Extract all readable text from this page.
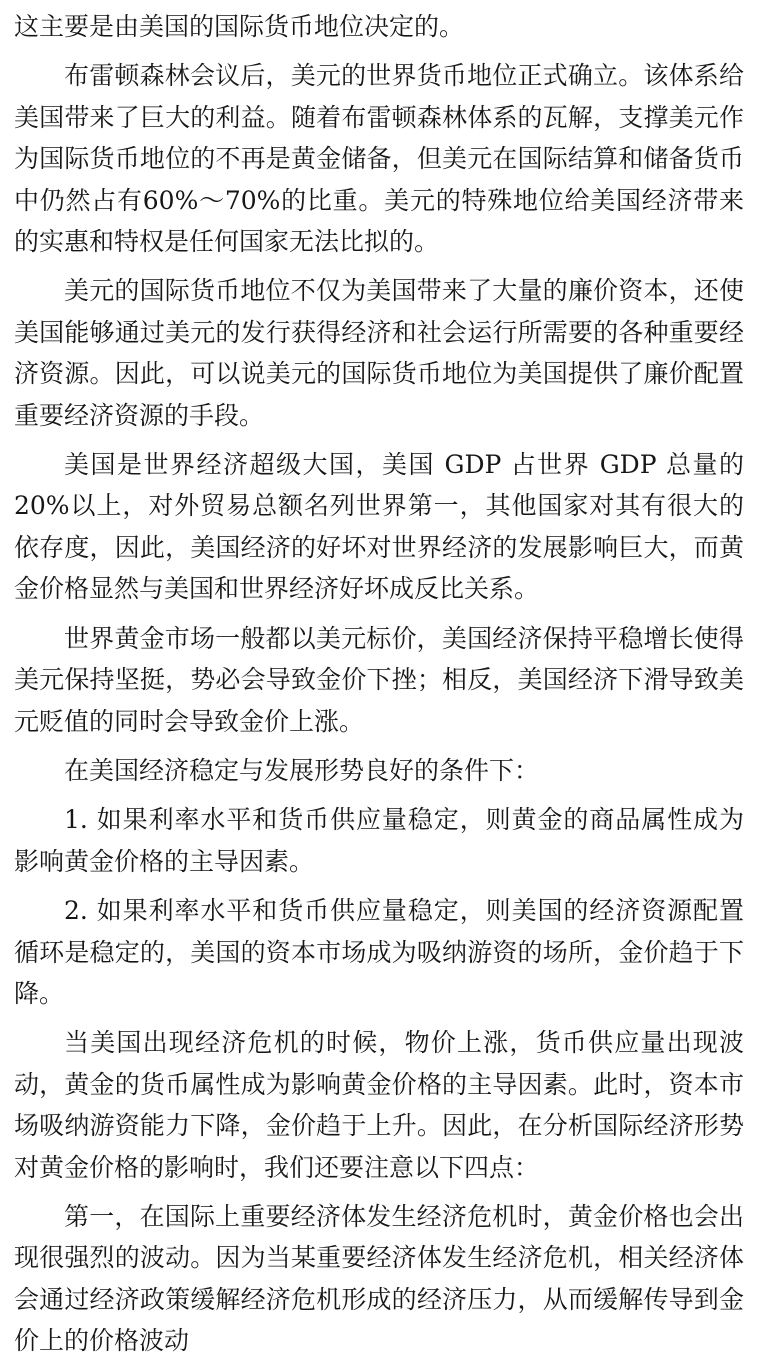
这主要是由美国的国际货币地位决定的。

布雷顿森林会议后，美元的世界货币地位正式确立。该体系给美国带来了巨大的利益。随着布雷顿森林体系的瓦解，支撑美元作为国际货币地位的不再是黄金储备，但美元在国际结算和储备货币中仍然占有60%～70%的比重。美元的特殊地位给美国经济带来的实惠和特权是任何国家无法比拟的。

美元的国际货币地位不仅为美国带来了大量的廉价资本，还使美国能够通过美元的发行获得经济和社会运行所需要的各种重要经济资源。因此，可以说美元的国际货币地位为美国提供了廉价配置重要经济资源的手段。

美国是世界经济超级大国，美国 GDP 占世界 GDP 总量的 20%以上，对外贸易总额名列世界第一，其他国家对其有很大的依存度，因此，美国经济的好坏对世界经济的发展影响巨大，而黄金价格显然与美国和世界经济好坏成反比关系。

世界黄金市场一般都以美元标价，美国经济保持平稳增长使得美元保持坚挺，势必会导致金价下挫；相反，美国经济下滑导致美元贬值的同时会导致金价上涨。

在美国经济稳定与发展形势良好的条件下：

1. 如果利率水平和货币供应量稳定，则黄金的商品属性成为影响黄金价格的主导因素。

2. 如果利率水平和货币供应量稳定，则美国的经济资源配置循环是稳定的，美国的资本市场成为吸纳游资的场所，金价趋于下降。

当美国出现经济危机的时候，物价上涨，货币供应量出现波动，黄金的货币属性成为影响黄金价格的主导因素。此时，资本市场吸纳游资能力下降，金价趋于上升。因此，在分析国际经济形势对黄金价格的影响时，我们还要注意以下四点：

第一，在国际上重要经济体发生经济危机时，黄金价格也会出现很强烈的波动。因为当某重要经济体发生经济危机，相关经济体会通过经济政策缓解经济危机形成的经济压力，从而缓解传导到金价上的价格波动
